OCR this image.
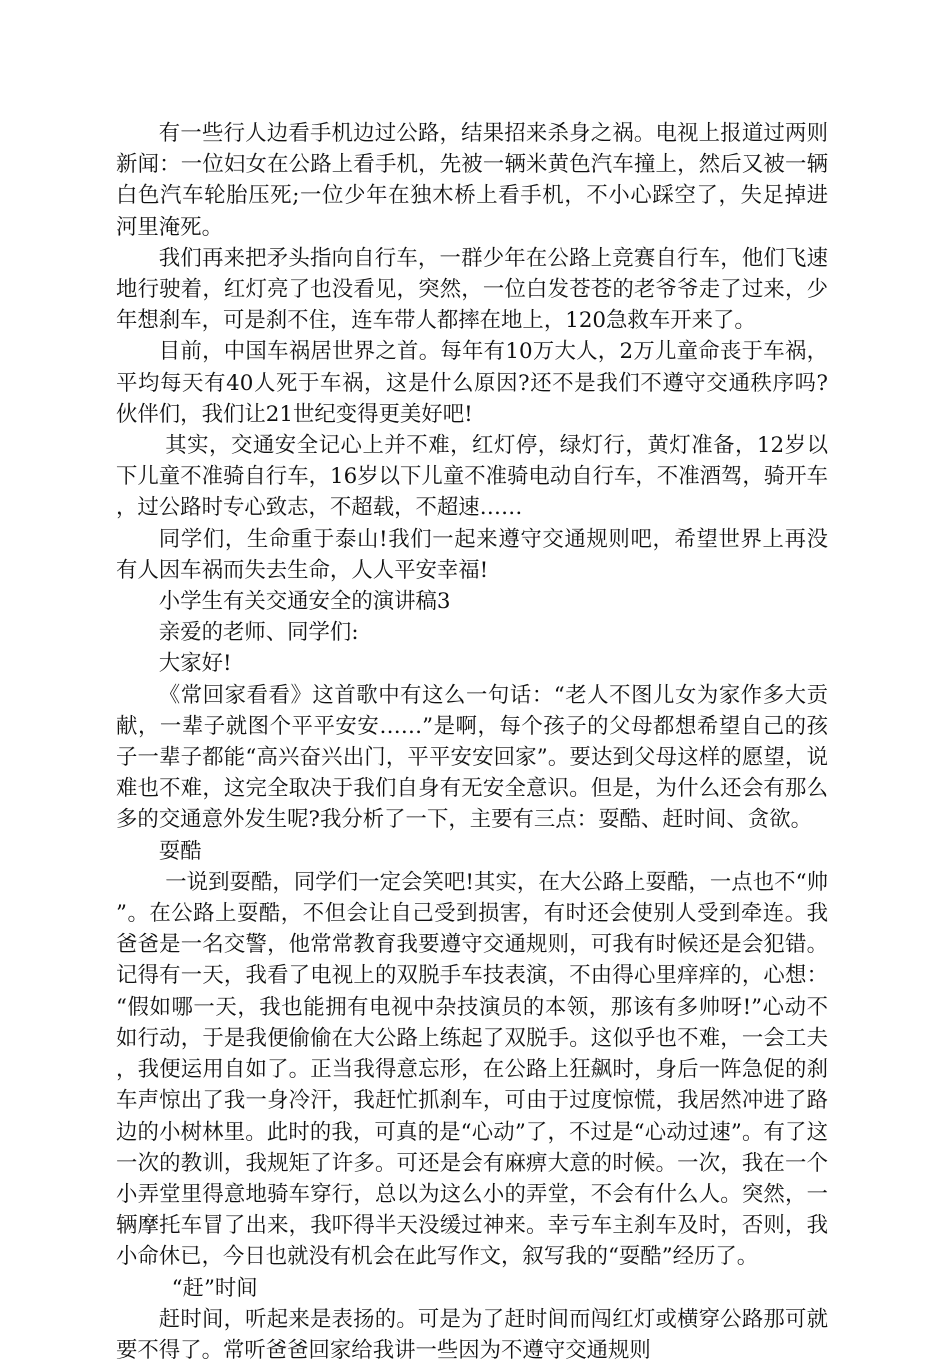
有一些行人边看手机边过公路，结果招来杀身之祸。电视上报道过两则新闻：一位妇女在公路上看手机，先被一辆米黄色汽车撞上，然后又被一辆白色汽车轮胎压死;一位少年在独木桥上看手机，不小心踩空了，失足掉进河里淹死。

我们再来把矛头指向自行车，一群少年在公路上竞赛自行车，他们飞速地行驶着，红灯亮了也没看见，突然，一位白发苍苍的老爷爷走了过来，少年想刹车，可是刹不住，连车带人都摔在地上，120急救车开来了。

目前，中国车祸居世界之首。每年有10万大人，2万儿童命丧于车祸，平均每天有40人死于车祸，这是什么原因?还不是我们不遵守交通秩序吗?伙伴们，我们让21世纪变得更美好吧!

其实，交通安全记心上并不难，红灯停，绿灯行，黄灯准备，12岁以下儿童不准骑自行车，16岁以下儿童不准骑电动自行车，不准酒驾，骑开车，过公路时专心致志，不超载，不超速……

同学们，生命重于泰山!我们一起来遵守交通规则吧，希望世界上再没有人因车祸而失去生命，人人平安幸福!

小学生有关交通安全的演讲稿3

亲爱的老师、同学们:

大家好!

《常回家看看》这首歌中有这么一句话：“老人不图儿女为家作多大贡献，一辈子就图个平平安安……”是啊，每个孩子的父母都想希望自己的孩子一辈子都能“高兴奋兴出门，平平安安回家”。要达到父母这样的愿望，说难也不难，这完全取决于我们自身有无安全意识。但是，为什么还会有那么多的交通意外发生呢?我分析了一下，主要有三点：耍酷、赶时间、贪欲。

耍酷

一说到耍酷，同学们一定会笑吧!其实，在大公路上耍酷，一点也不“帅”。在公路上耍酷，不但会让自己受到损害，有时还会使别人受到牵连。我爸爸是一名交警，他常常教育我要遵守交通规则，可我有时候还是会犯错。记得有一天，我看了电视上的双脱手车技表演，不由得心里痒痒的，心想：“假如哪一天，我也能拥有电视中杂技演员的本领，那该有多帅呀!”心动不如行动，于是我便偷偷在大公路上练起了双脱手。这似乎也不难，一会工夫，我便运用自如了。正当我得意忘形，在公路上狂飙时，身后一阵急促的刹车声惊出了我一身冷汗，我赶忙抓刹车，可由于过度惊慌，我居然冲进了路边的小树林里。此时的我，可真的是“心动”了，不过是“心动过速”。有了这一次的教训，我规矩了许多。可还是会有麻痹大意的时候。一次，我在一个小弄堂里得意地骑车穿行，总以为这么小的弄堂，不会有什么人。突然，一辆摩托车冒了出来，我吓得半天没缓过神来。幸亏车主刹车及时，否则，我小命休已，今日也就没有机会在此写作文，叙写我的“耍酷”经历了。

“赶”时间

赶时间，听起来是表扬的。可是为了赶时间而闯红灯或横穿公路那可就要不得了。常听爸爸回家给我讲一些因为不遵守交通规则
